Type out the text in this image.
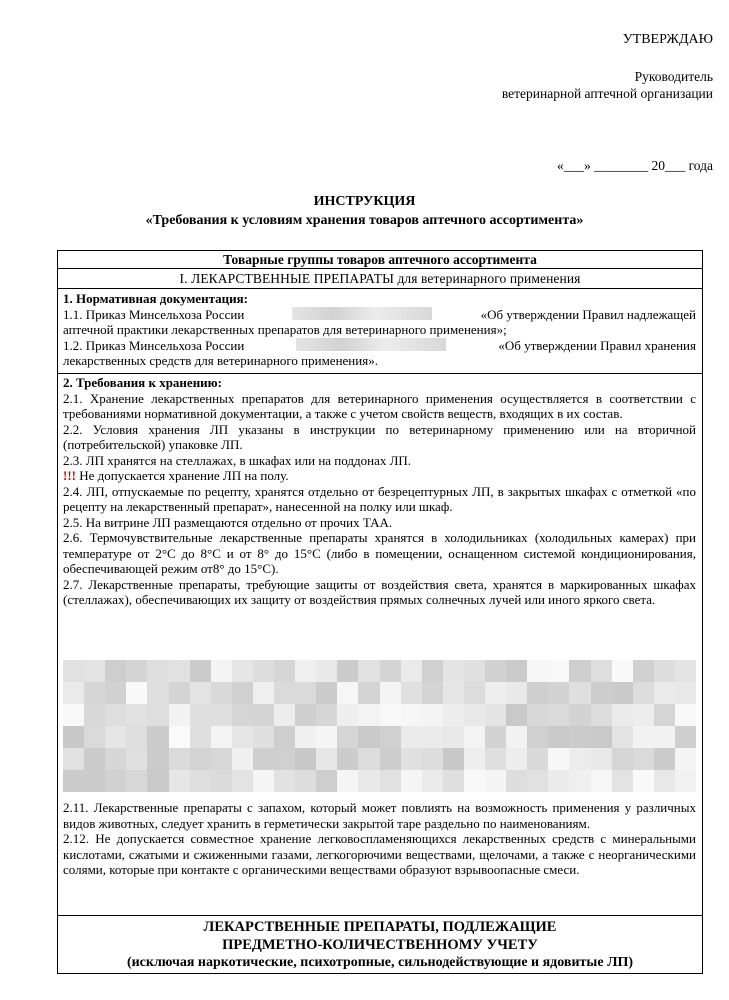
УТВЕРЖДАЮ
Руководитель
ветеринарной аптечной организации
«___» ________ 20___ года
ИНСТРУКЦИЯ
«Требования к условиям хранения товаров аптечного ассортимента»
Товарные группы товаров аптечного ассортимента
I. ЛЕКАРСТВЕННЫЕ ПРЕПАРАТЫ для ветеринарного применения

1. Нормативная документация:

1.1. Приказ Минсельхоза России	«Об утверждении Правил надлежащей

аптечной практики лекарственных препаратов для ветеринарного применения»;

1.2. Приказ Минсельхоза России	«Об утверждении Правил хранения

лекарственных средств для ветеринарного применения».

2. Требования к хранению:

2.1. Хранение лекарственных препаратов для ветеринарного применения осуществляется в соответствии с требованиями нормативной документации, а также с учетом свойств веществ, входящих в их состав.

2.2. Условия хранения ЛП указаны в инструкции по ветеринарному применению или на вторичной (потребительской) упаковке ЛП.

2.3. ЛП хранятся на стеллажах, в шкафах или на поддонах ЛП.

!!! Не допускается хранение ЛП на полу.

2.4. ЛП, отпускаемые по рецепту, хранятся отдельно от безрецептурных ЛП, в закрытых шкафах с отметкой «по рецепту на лекарственный препарат», нанесенной на полку или шкаф.

2.5. На витрине ЛП размещаются отдельно от прочих ТАА.

2.6. Термочувствительные лекарственные препараты хранятся в холодильниках (холодильных камерах) при температуре от 2°С до 8°С и от 8° до 15°С (либо в помещении, оснащенном системой кондиционирования, обеспечивающей режим от8° до 15°С).

2.7. Лекарственные препараты, требующие защиты от воздействия света, хранятся в маркированных шкафах (стеллажах), обеспечивающих их защиту от воздействия прямых солнечных лучей или иного яркого света.

2.11. Лекарственные препараты с запахом, который может повлиять на возможность применения у различных видов животных, следует хранить в герметически закрытой таре раздельно по наименованиям.

2.12. Не допускается совместное хранение легковоспламеняющихся лекарственных средств с минеральными кислотами, сжатыми и сжиженными газами, легкогорючими веществами, щелочами, а также с неорганическими солями, которые при контакте с органическими веществами образуют взрывоопасные смеси.

ЛЕКАРСТВЕННЫЕ ПРЕПАРАТЫ, ПОДЛЕЖАЩИЕ
ПРЕДМЕТНО-КОЛИЧЕСТВЕННОМУ УЧЕТУ
(исключая наркотические, психотропные, сильнодействующие и ядовитые ЛП)
